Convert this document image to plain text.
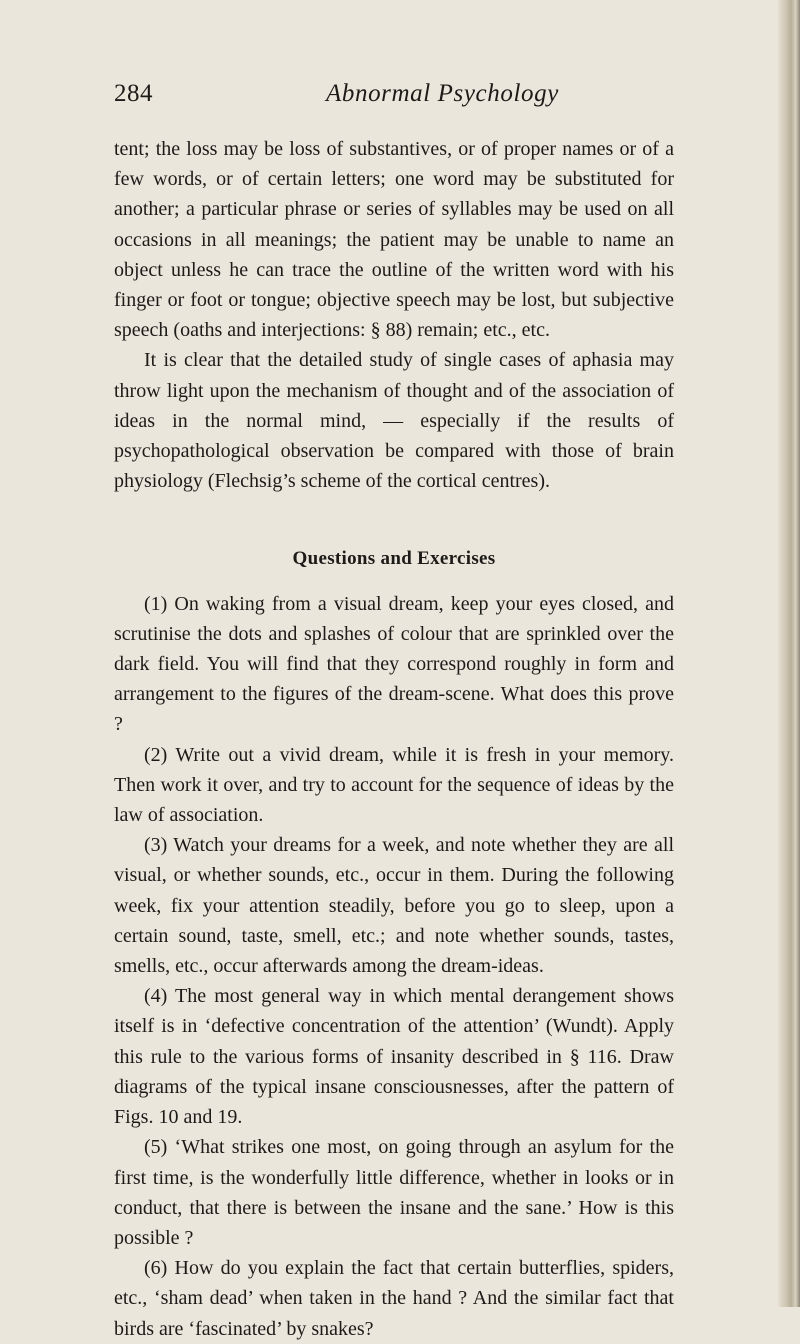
284	Abnormal Psychology

tent; the loss may be loss of substantives, or of proper names or of a few words, or of certain letters; one word may be substituted for another; a particular phrase or series of syllables may be used on all occasions in all meanings; the patient may be unable to name an object unless he can trace the outline of the written word with his finger or foot or tongue; objective speech may be lost, but subjective speech (oaths and interjections: § 88) remain; etc., etc.

It is clear that the detailed study of single cases of aphasia may throw light upon the mechanism of thought and of the association of ideas in the normal mind, — especially if the results of psychopathological observation be compared with those of brain physiology (Flechsig’s scheme of the cortical centres).

Questions and Exercises

(1) On waking from a visual dream, keep your eyes closed, and scrutinise the dots and splashes of colour that are sprinkled over the dark field. You will find that they correspond roughly in form and arrangement to the figures of the dream-scene. What does this prove ?

(2) Write out a vivid dream, while it is fresh in your memory. Then work it over, and try to account for the sequence of ideas by the law of association.

(3) Watch your dreams for a week, and note whether they are all visual, or whether sounds, etc., occur in them. During the following week, fix your attention steadily, before you go to sleep, upon a certain sound, taste, smell, etc.; and note whether sounds, tastes, smells, etc., occur afterwards among the dream-ideas.

(4) The most general way in which mental derangement shows itself is in ‘defective concentration of the attention’ (Wundt). Apply this rule to the various forms of insanity described in § 116. Draw diagrams of the typical insane consciousnesses, after the pattern of Figs. 10 and 19.

(5) ‘What strikes one most, on going through an asylum for the first time, is the wonderfully little difference, whether in looks or in conduct, that there is between the insane and the sane.’ How is this possible ?

(6) How do you explain the fact that certain butterflies, spiders, etc., ‘sham dead’ when taken in the hand ? And the similar fact that birds are ‘fascinated’ by snakes?
